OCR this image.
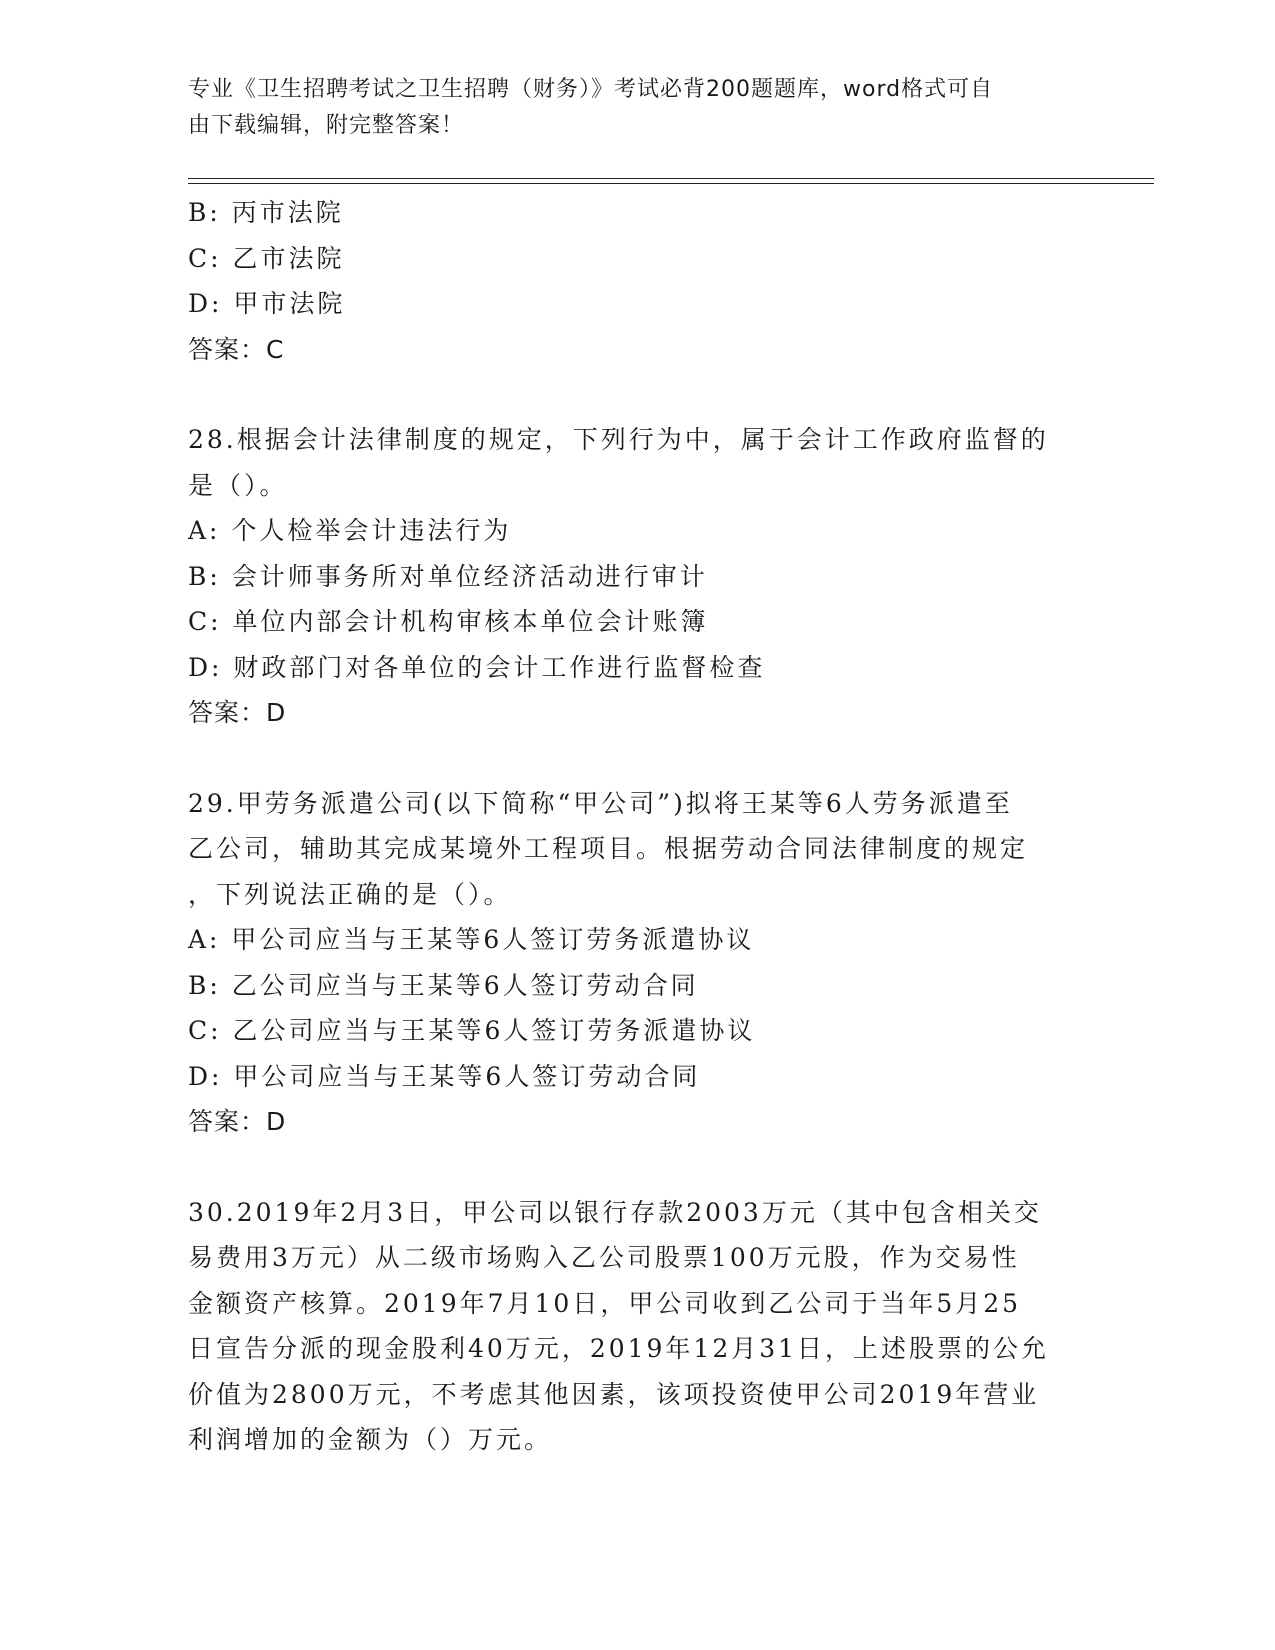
专业《卫生招聘考试之卫生招聘（财务）》考试必背200题题库，word格式可自
由下载编辑，附完整答案！
B: 丙市法院
C: 乙市法院
D: 甲市法院
答案：C
28.根据会计法律制度的规定，下列行为中，属于会计工作政府监督的
是（）。
A: 个人检举会计违法行为
B: 会计师事务所对单位经济活动进行审计
C: 单位内部会计机构审核本单位会计账簿
D: 财政部门对各单位的会计工作进行监督检查
答案：D
29.甲劳务派遣公司(以下简称“甲公司”)拟将王某等6人劳务派遣至
乙公司，辅助其完成某境外工程项目。根据劳动合同法律制度的规定
，下列说法正确的是（）。
A: 甲公司应当与王某等6人签订劳务派遣协议
B: 乙公司应当与王某等6人签订劳动合同
C: 乙公司应当与王某等6人签订劳务派遣协议
D: 甲公司应当与王某等6人签订劳动合同
答案：D
30.2019年2月3日，甲公司以银行存款2003万元（其中包含相关交
易费用3万元）从二级市场购入乙公司股票100万元股，作为交易性
金额资产核算。2019年7月10日，甲公司收到乙公司于当年5月25
日宣告分派的现金股利40万元，2019年12月31日，上述股票的公允
价值为2800万元，不考虑其他因素，该项投资使甲公司2019年营业
利润增加的金额为（）万元。
